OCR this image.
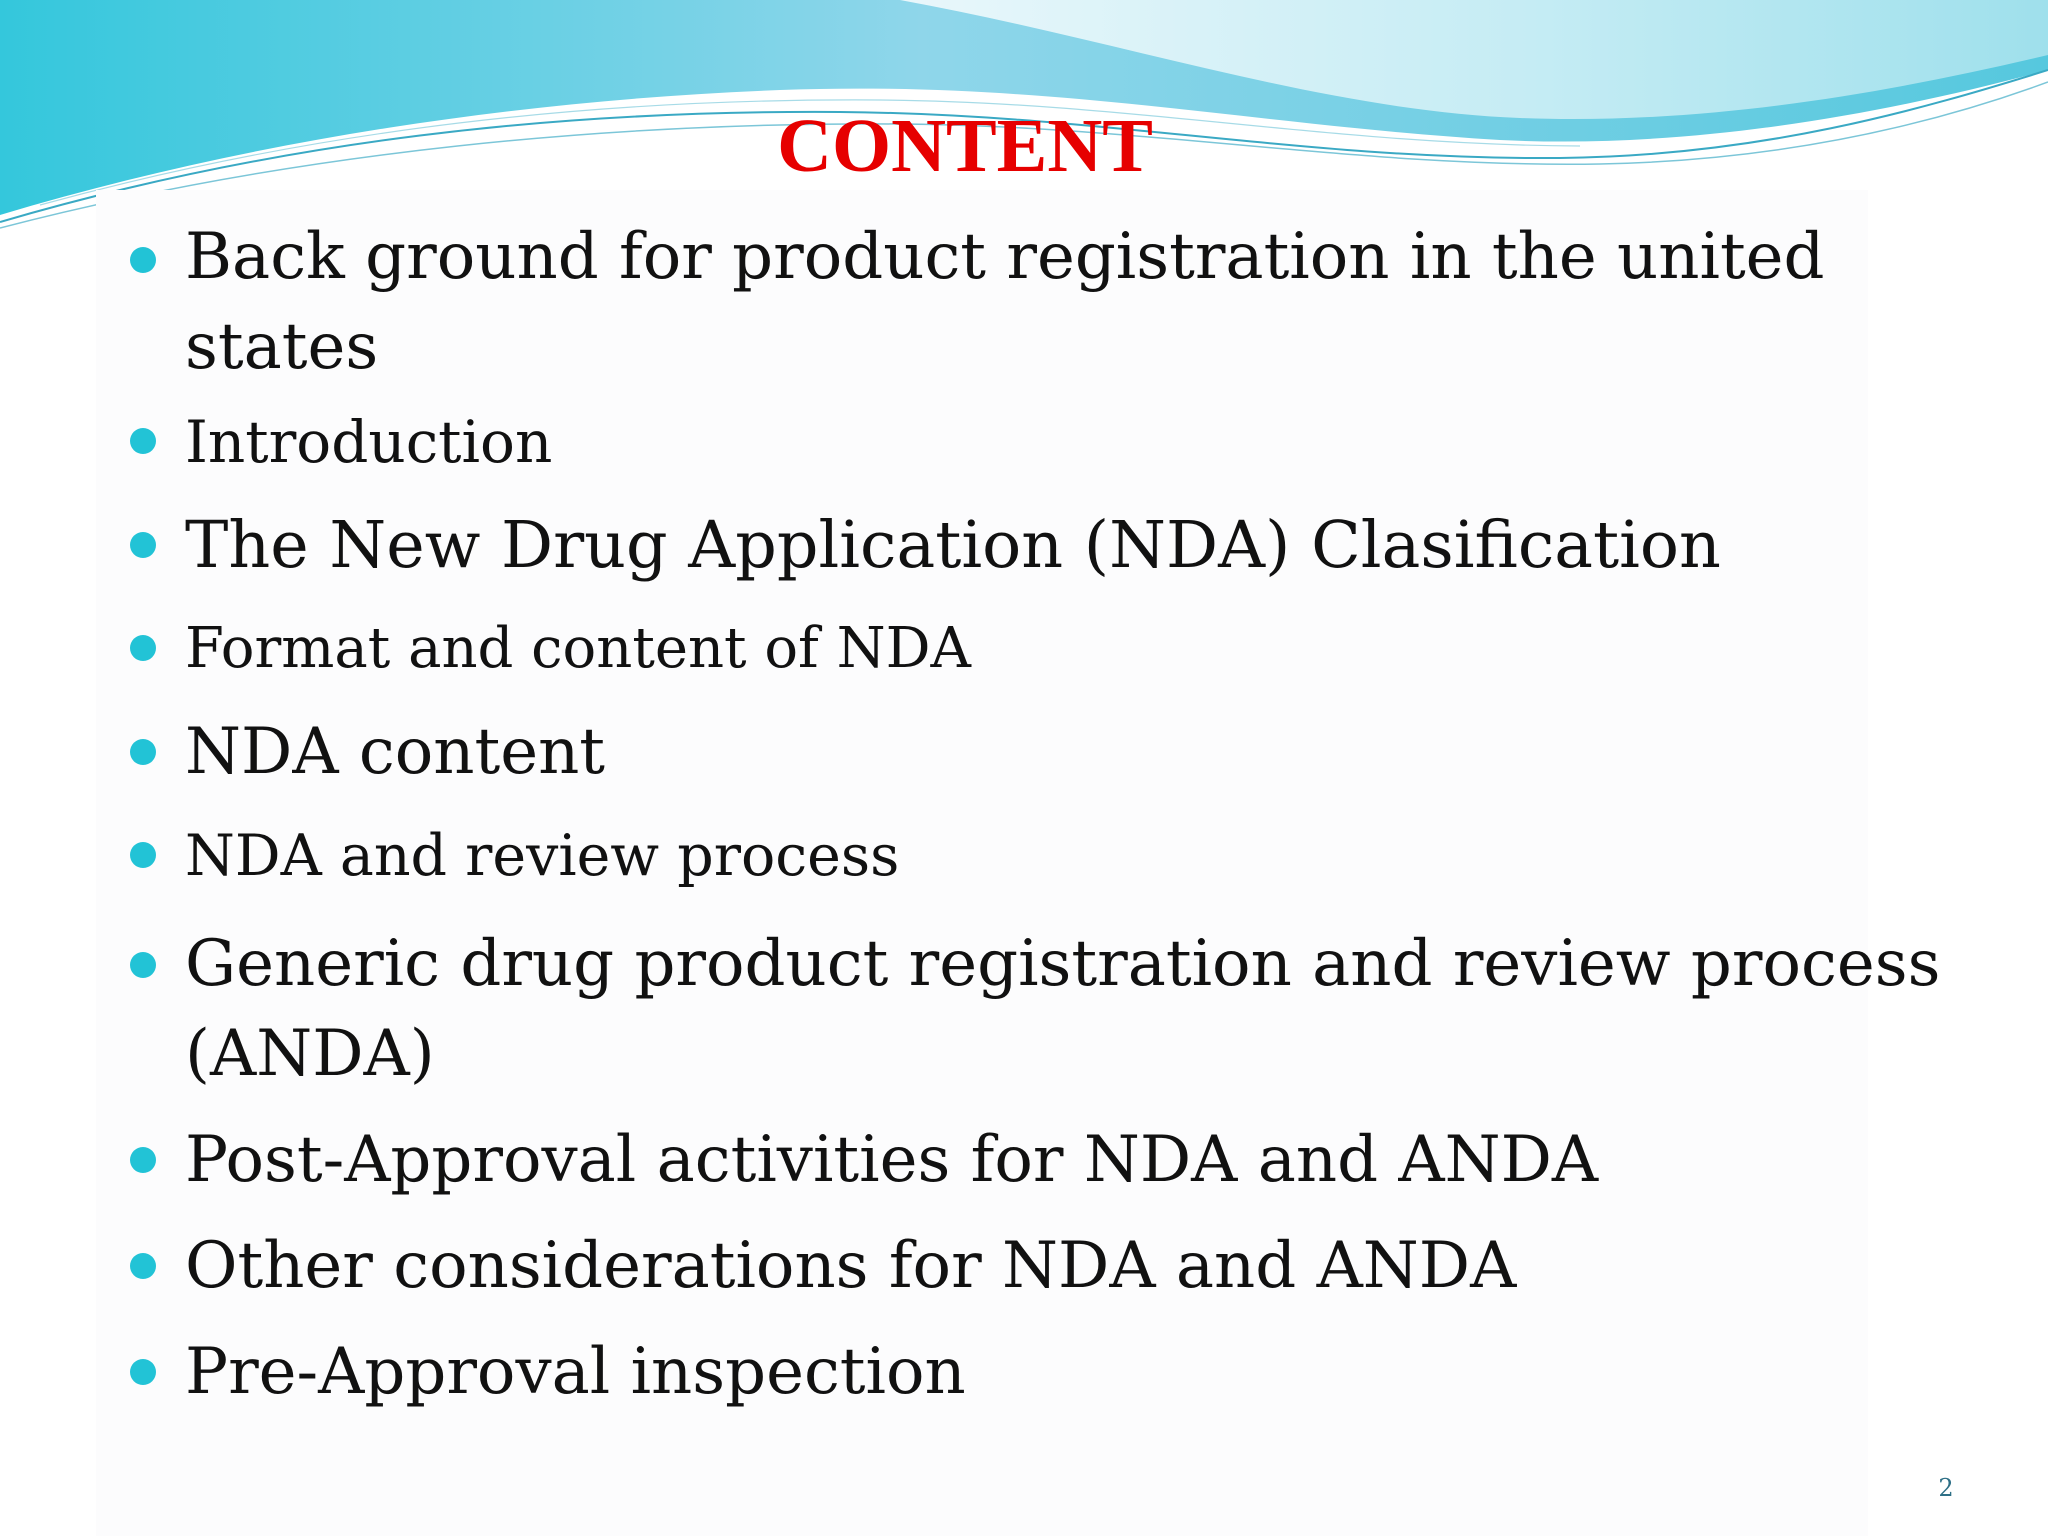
CONTENT
Back ground for product registration in the united
states
Introduction
The New Drug Application (NDA) Clasification
Format and content of NDA
NDA content
NDA and review process
Generic drug product registration and review process
(ANDA)
Post-Approval activities for NDA and ANDA
Other considerations for NDA and ANDA
Pre-Approval inspection
2
